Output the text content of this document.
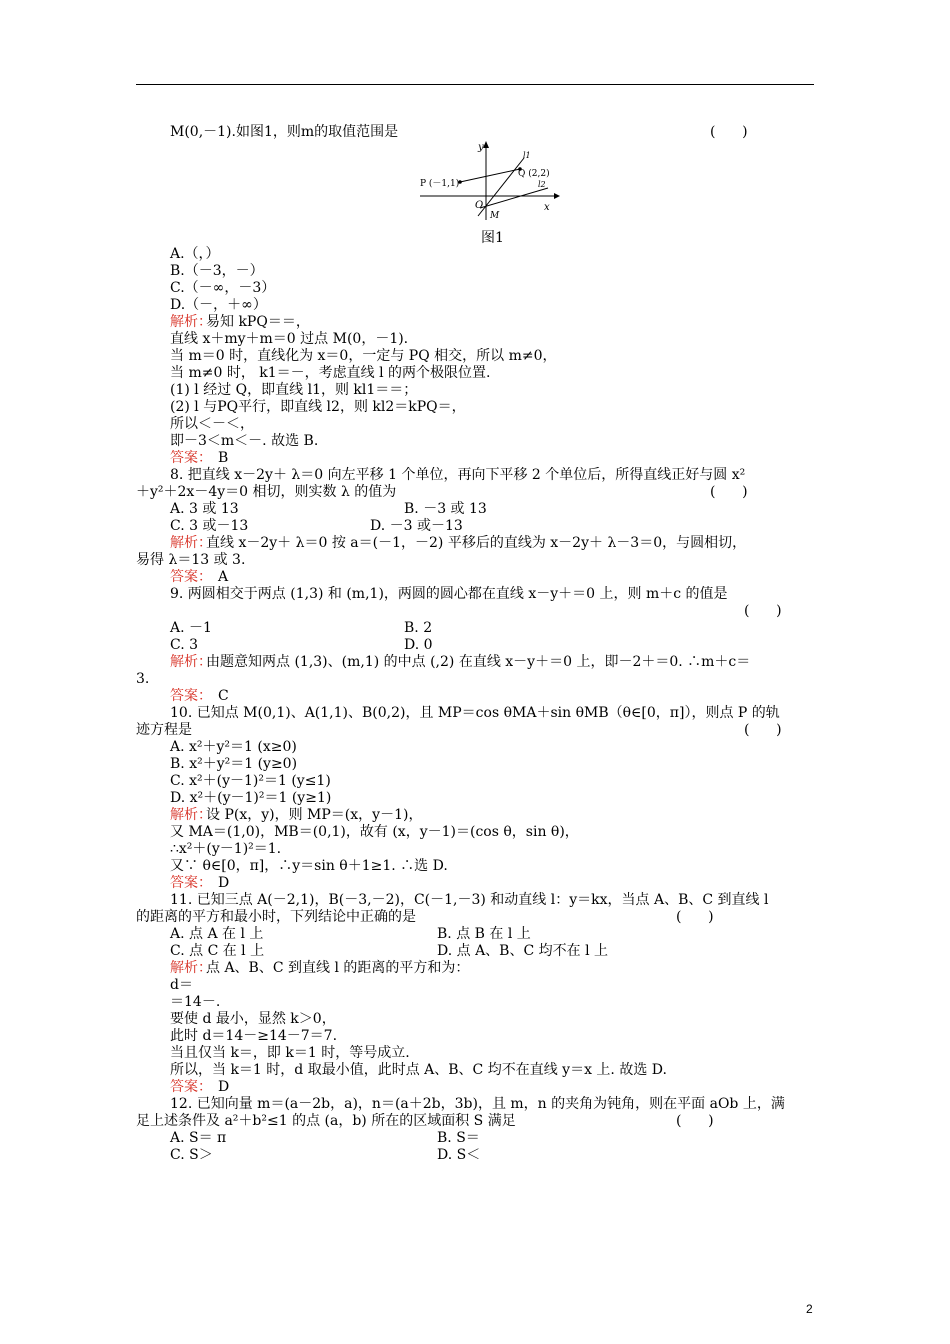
M(0,－1).如图1，则m的取值范围是
A.（，）
B.（－3，－）
C.（－∞，－3）
D.（－，＋∞）
易知 kPQ＝＝，
直线 x＋my＋m＝0 过点 M(0，－1).
当 m＝0 时，直线化为 x＝0，一定与 PQ 相交，所以 m≠0，
当 m≠0 时， k1＝－，考虑直线 l 的两个极限位置.
(1) l 经过 Q，即直线 l1，则 kl1＝＝；
(2) l 与PQ平行，即直线 l2，则 kl2＝kPQ＝，
所以＜－＜，
即－3＜m＜－. 故选 B.
B
8. 把直线 x－2y＋ λ＝0 向左平移 1 个单位，再向下平移 2 个单位后，所得直线正好与圆 x²
＋y²＋2x－4y＝0 相切，则实数 λ 的值为
A. 3 或 13	B. －3 或 13
C. 3 或－13	D. －3 或－13
直线 x－2y＋ λ＝0 按 a＝(－1，－2) 平移后的直线为 x－2y＋ λ－3＝0，与圆相切，
易得 λ＝13 或 3.
A
9. 两圆相交于两点 (1,3) 和 (m,1)，两圆的圆心都在直线 x－y＋＝0 上，则 m＋c 的值是
A. －1	B. 2
C. 3	D. 0
由题意知两点 (1,3)、(m,1) 的中点 (,2) 在直线 x－y＋＝0 上，即－2＋＝0. ∴m＋c＝
3.
C
10. 已知点 M(0,1)、A(1,1)、B(0,2)，且 MP＝cos θMA＋sin θMB（θ∈[0，π]），则点 P 的轨
迹方程是
A. x²＋y²＝1 (x≥0)
B. x²＋y²＝1 (y≥0)
C. x²＋(y－1)²＝1 (y≤1)
D. x²＋(y－1)²＝1 (y≥1)
设 P(x，y)，则 MP＝(x，y－1)，
又 MA＝(1,0)，MB＝(0,1)，故有 (x，y－1)＝(cos θ，sin θ)，
∴x²＋(y－1)²＝1.
又∵ θ∈[0，π]，∴y＝sin θ＋1≥1. ∴选 D.
D
11. 已知三点 A(－2,1)，B(－3,－2)，C(－1,－3) 和动直线 l：y＝kx，当点 A、B、C 到直线 l
的距离的平方和最小时，下列结论中正确的是
A. 点 A 在 l 上	B. 点 B 在 l 上
C. 点 C 在 l 上	D. 点 A、B、C 均不在 l 上
点 A、B、C 到直线 l 的距离的平方和为：
d＝
＝14－.
要使 d 最小，显然 k＞0，
此时 d＝14－≥14－7＝7.
当且仅当 k＝，即 k＝1 时，等号成立.
所以，当 k＝1 时，d 取最小值，此时点 A、B、C 均不在直线 y＝x 上. 故选 D.
D
12. 已知向量 m＝(a－2b，a)，n＝(a＋2b，3b)，且 m，n 的夹角为钝角，则在平面 aOb 上，满
足上述条件及 a²＋b²≤1 的点 (a，b) 所在的区域面积 S 满足
A. S＝ π	B. S＝
C. S＞	D. S＜
解析：
答案：
解析：
答案：
解析：
答案：
解析：
答案：
解析：
答案：
(      )
(      )
(      )
(      )
(      )
(      )
y
x
O
M
P (－1,1)
Q (2,2)
l1
l2
图1
2
